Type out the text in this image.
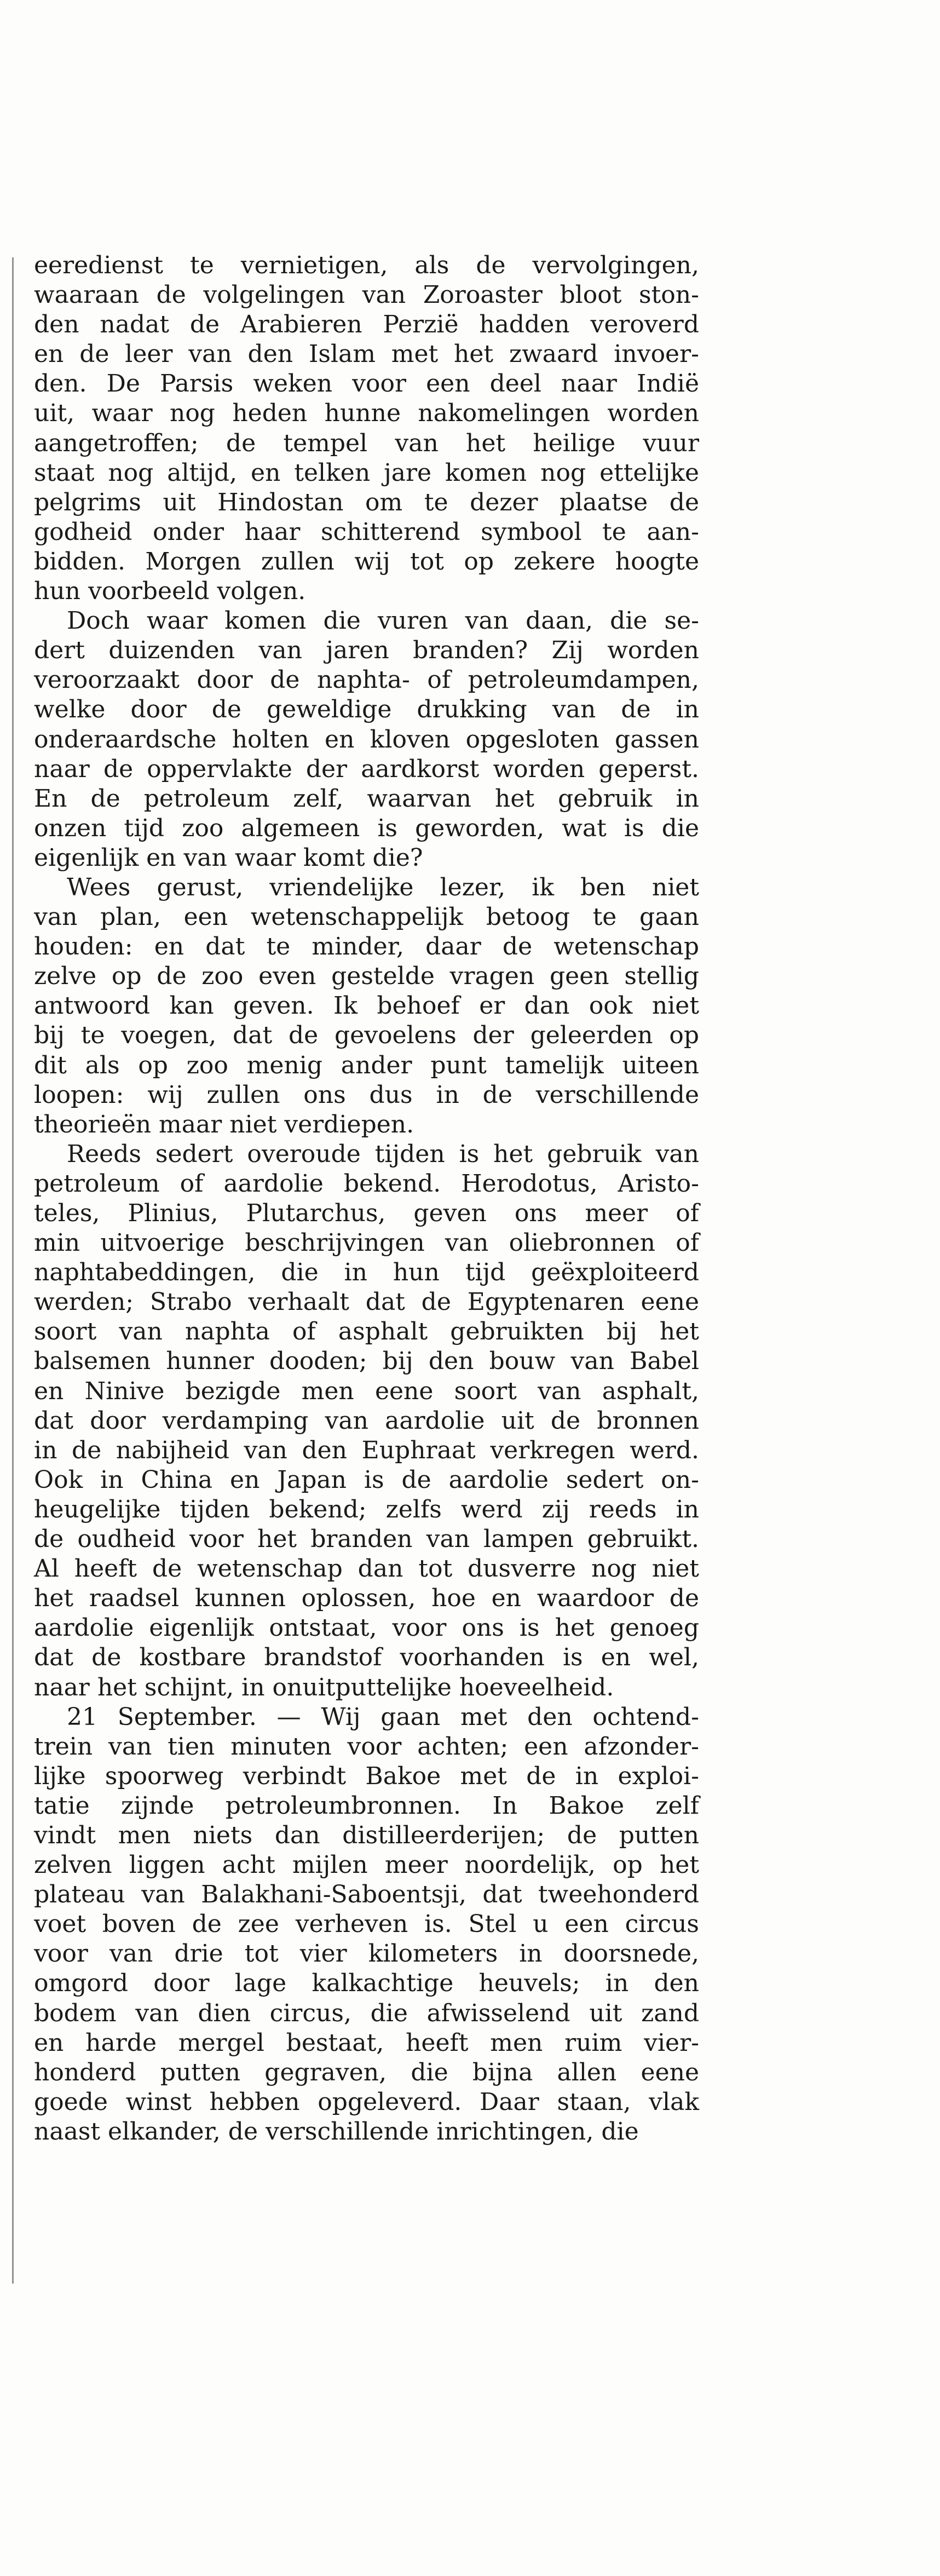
eeredienst te vernietigen, als de vervolgingen,
waaraan de volgelingen van Zoroaster bloot ston-
den nadat de Arabieren Perzië hadden veroverd
en de leer van den Islam met het zwaard invoer-
den. De Parsis weken voor een deel naar Indië
uit, waar nog heden hunne nakomelingen worden
aangetroffen; de tempel van het heilige vuur
staat nog altijd, en telken jare komen nog ettelijke
pelgrims uit Hindostan om te dezer plaatse de
godheid onder haar schitterend symbool te aan-
bidden. Morgen zullen wij tot op zekere hoogte
hun voorbeeld volgen.
Doch waar komen die vuren van daan, die se-
dert duizenden van jaren branden? Zij worden
veroorzaakt door de naphta- of petroleumdampen,
welke door de geweldige drukking van de in
onderaardsche holten en kloven opgesloten gassen
naar de oppervlakte der aardkorst worden geperst.
En de petroleum zelf, waarvan het gebruik in
onzen tijd zoo algemeen is geworden, wat is die
eigenlijk en van waar komt die?
Wees gerust, vriendelijke lezer, ik ben niet
van plan, een wetenschappelijk betoog te gaan
houden: en dat te minder, daar de wetenschap
zelve op de zoo even gestelde vragen geen stellig
antwoord kan geven. Ik behoef er dan ook niet
bij te voegen, dat de gevoelens der geleerden op
dit als op zoo menig ander punt tamelijk uiteen
loopen: wij zullen ons dus in de verschillende
theorieën maar niet verdiepen.
Reeds sedert overoude tijden is het gebruik van
petroleum of aardolie bekend. Herodotus, Aristo-
teles, Plinius, Plutarchus, geven ons meer of
min uitvoerige beschrijvingen van oliebronnen of
naphtabeddingen, die in hun tijd geëxploiteerd
werden; Strabo verhaalt dat de Egyptenaren eene
soort van naphta of asphalt gebruikten bij het
balsemen hunner dooden; bij den bouw van Babel
en Ninive bezigde men eene soort van asphalt,
dat door verdamping van aardolie uit de bronnen
in de nabijheid van den Euphraat verkregen werd.
Ook in China en Japan is de aardolie sedert on-
heugelijke tijden bekend; zelfs werd zij reeds in
de oudheid voor het branden van lampen gebruikt.
Al heeft de wetenschap dan tot dusverre nog niet
het raadsel kunnen oplossen, hoe en waardoor de
aardolie eigenlijk ontstaat, voor ons is het genoeg
dat de kostbare brandstof voorhanden is en wel,
naar het schijnt, in onuitputtelijke hoeveelheid.
21 September. — Wij gaan met den ochtend-
trein van tien minuten voor achten; een afzonder-
lijke spoorweg verbindt Bakoe met de in exploi-
tatie zijnde petroleumbronnen. In Bakoe zelf
vindt men niets dan distilleerderijen; de putten
zelven liggen acht mijlen meer noordelijk, op het
plateau van Balakhani-Saboentsji, dat tweehonderd
voet boven de zee verheven is. Stel u een circus
voor van drie tot vier kilometers in doorsnede,
omgord door lage kalkachtige heuvels; in den
bodem van dien circus, die afwisselend uit zand
en harde mergel bestaat, heeft men ruim vier-
honderd putten gegraven, die bijna allen eene
goede winst hebben opgeleverd. Daar staan, vlak
naast elkander, de verschillende inrichtingen, die
